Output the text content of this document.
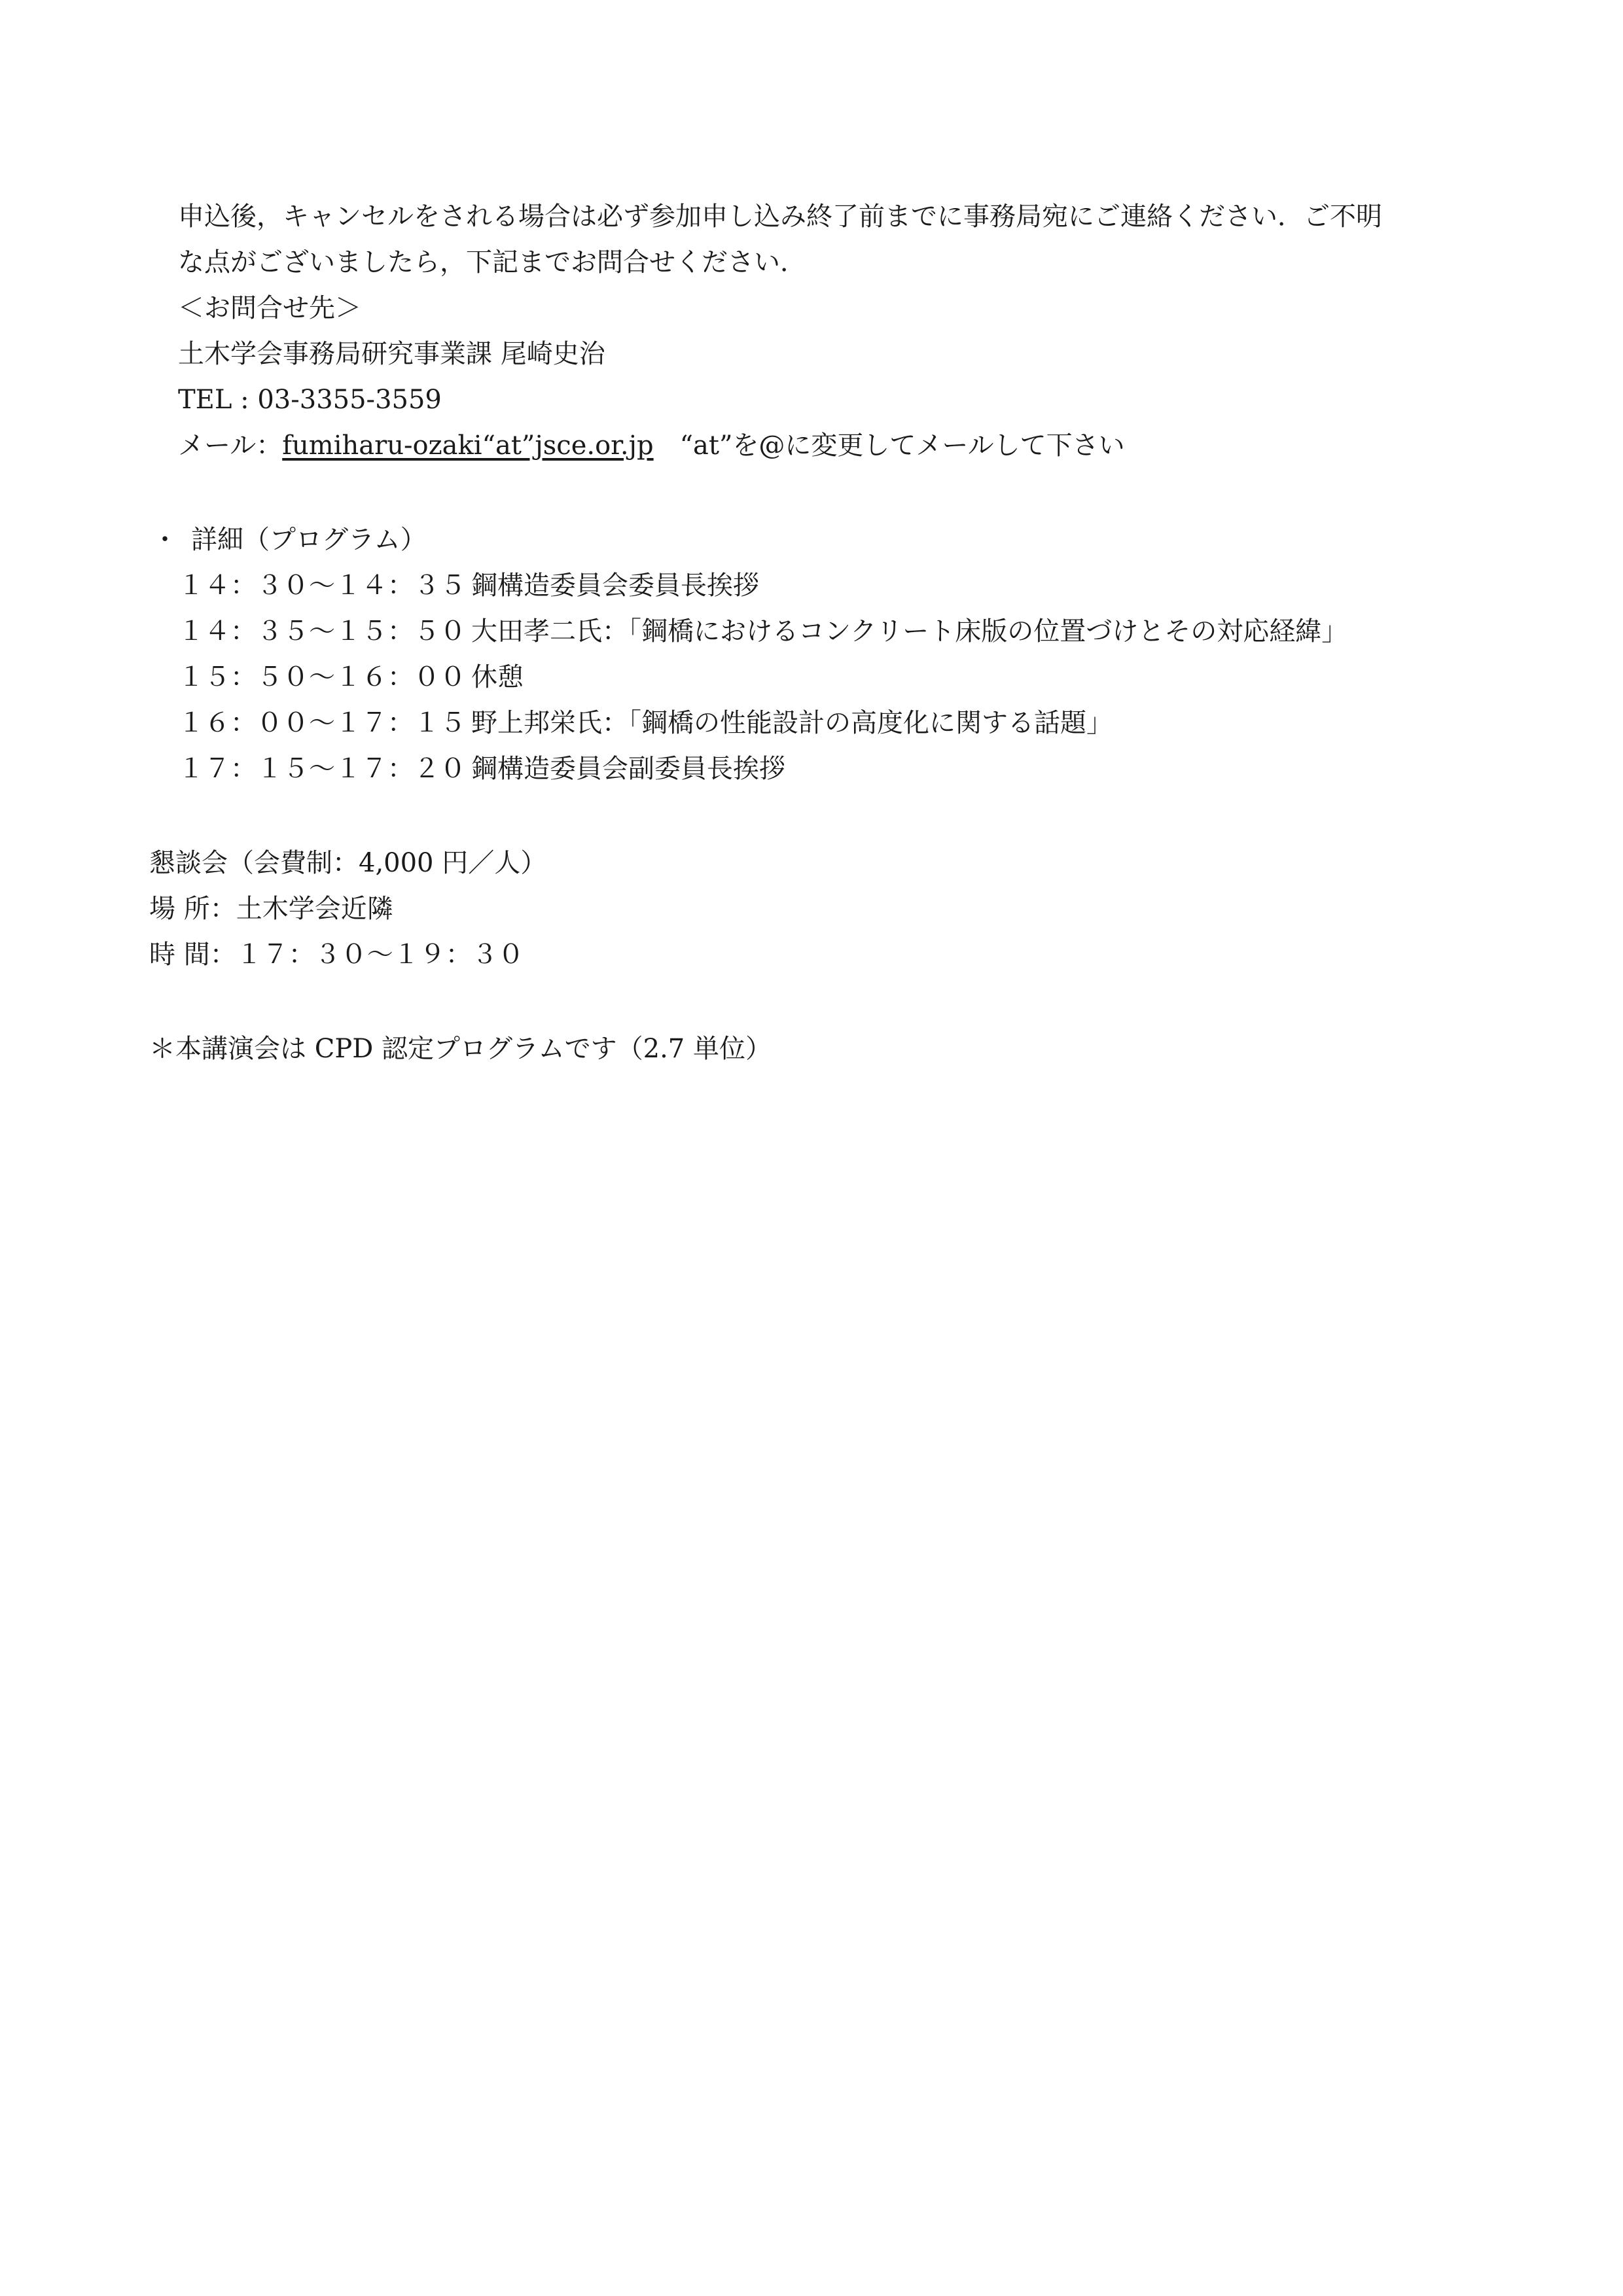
申込後，キャンセルをされる場合は必ず参加申し込み終了前までに事務局宛にご連絡ください．ご不明
な点がございましたら，下記までお問合せください．
＜お問合せ先＞
土木学会事務局研究事業課 尾崎史治
TEL : 03-3355-3559
メール：fumiharu-ozaki“at”jsce.or.jp “at”を@に変更してメールして下さい
・ 詳細（プログラム）
１４：３０～１４：３５ 鋼構造委員会委員長挨拶
１４：３５～１５：５０ 大田孝二氏：「鋼橋におけるコンクリート床版の位置づけとその対応経緯」
１５：５０～１６：００ 休憩
１６：００～１７：１５ 野上邦栄氏：「鋼橋の性能設計の高度化に関する話題」
１７：１５～１７：２０ 鋼構造委員会副委員長挨拶
懇談会（会費制：4,000 円／人）
場 所：土木学会近隣
時 間：１７：３０～１９：３０
＊本講演会は CPD 認定プログラムです（2.7 単位）
